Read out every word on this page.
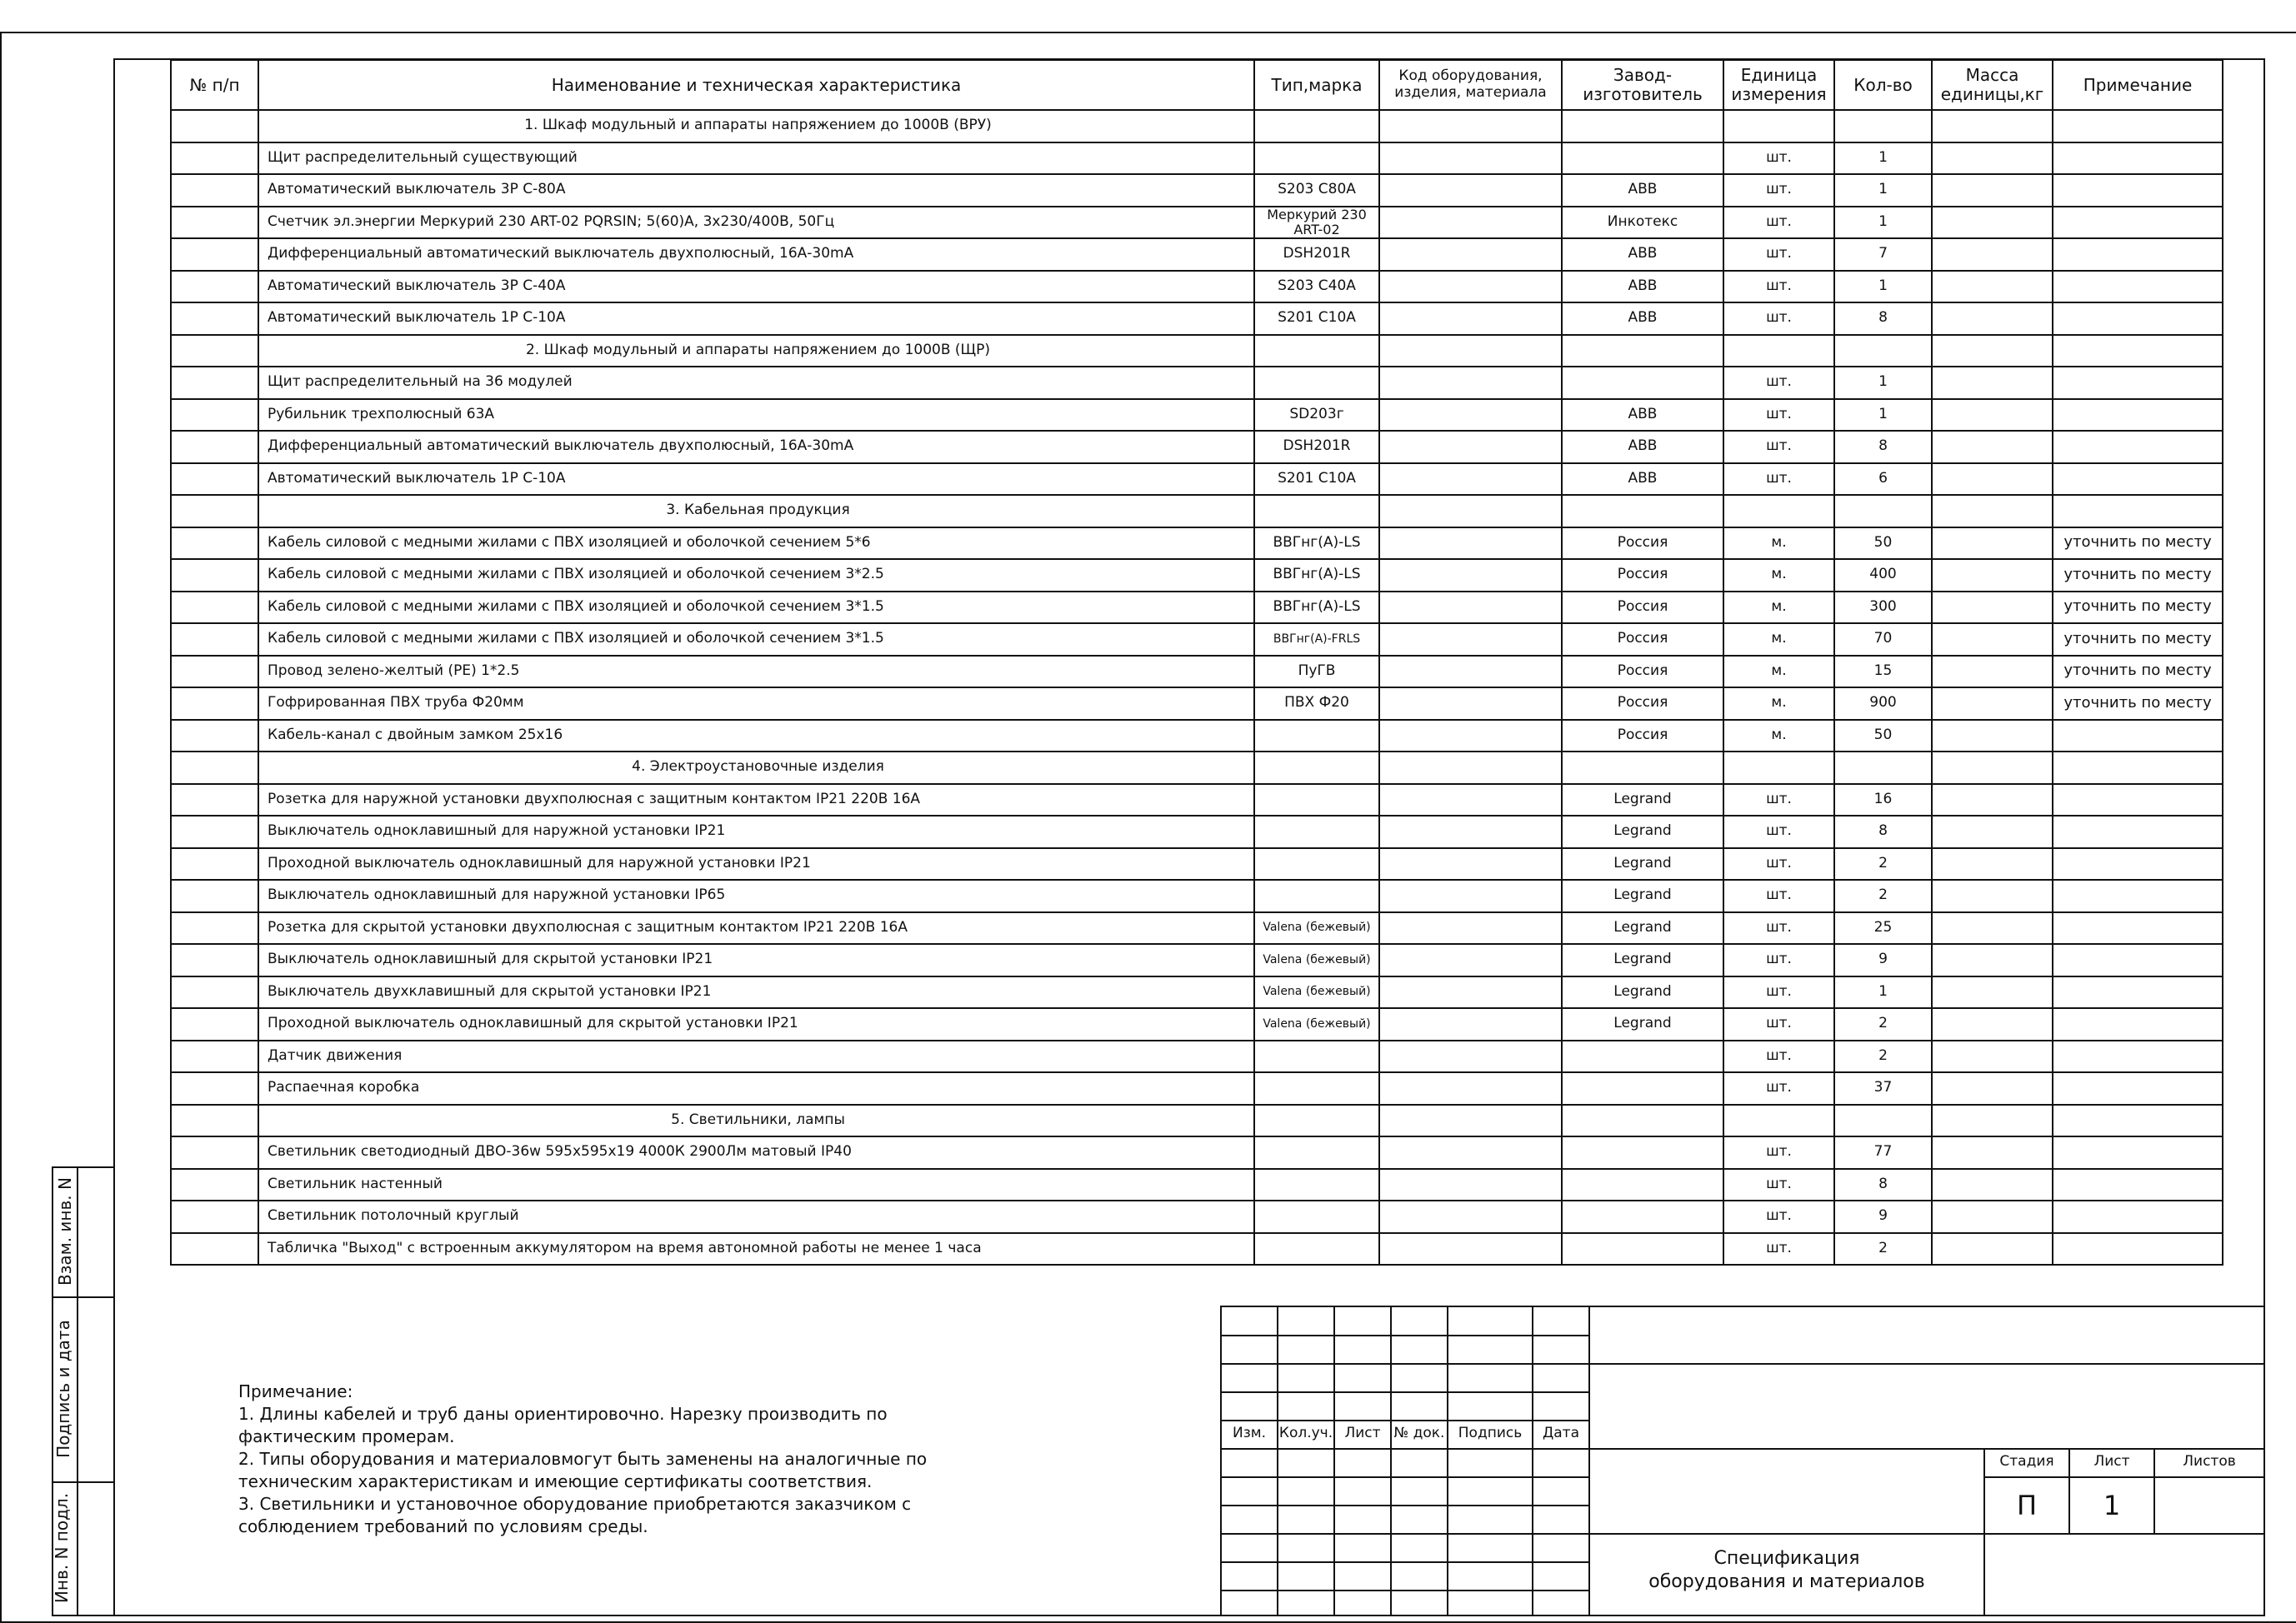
Взам. инв. N
Подпись и дата
Инв. N подл.
№ п/п	Наименование и техническая характеристика	Тип,марка	Код оборудования, изделия, материала	Завод- изготовитель	Единица измерения	Кол-во	Масса единицы,кг	Примечание
	1. Шкаф модульный и аппараты напряжением до 1000В (ВРУ)							
	Щит распределительный существующий				шт.	1		
	Автоматический выключатель 3Р С-80А	S203 C80A		ABB	шт.	1		
	Счетчик эл.энергии Меркурий 230 ART-02 PQRSIN; 5(60)А, 3х230/400В, 50Гц	Меркурий 230 ART-02		Инкотекс	шт.	1		
	Дифференциальный автоматический выключатель двухполюсный, 16А-30mА	DSH201R		ABB	шт.	7		
	Автоматический выключатель 3Р С-40А	S203 C40A		ABB	шт.	1		
	Автоматический выключатель 1Р С-10А	S201 C10A		ABB	шт.	8		
	2. Шкаф модульный и аппараты напряжением до 1000В (ЩР)							
	Щит распределительный на 36 модулей				шт.	1		
	Рубильник трехполюсный 63А	SD203г		ABB	шт.	1		
	Дифференциальный автоматический выключатель двухполюсный, 16А-30mА	DSH201R		ABB	шт.	8		
	Автоматический выключатель 1Р С-10А	S201 C10A		ABB	шт.	6		
	3. Кабельная продукция							
	Кабель силовой с медными жилами с ПВХ изоляцией и оболочкой сечением 5*6	ВВГнг(А)-LS		Россия	м.	50		уточнить по месту
	Кабель силовой с медными жилами с ПВХ изоляцией и оболочкой сечением 3*2.5	ВВГнг(А)-LS		Россия	м.	400		уточнить по месту
	Кабель силовой с медными жилами с ПВХ изоляцией и оболочкой сечением 3*1.5	ВВГнг(А)-LS		Россия	м.	300		уточнить по месту
	Кабель силовой с медными жилами с ПВХ изоляцией и оболочкой сечением 3*1.5	ВВГнг(А)-FRLS		Россия	м.	70		уточнить по месту
	Провод зелено-желтый (PE) 1*2.5	ПуГВ		Россия	м.	15		уточнить по месту
	Гофрированная ПВХ труба Ф20мм	ПВХ Ф20		Россия	м.	900		уточнить по месту
	Кабель-канал с двойным замком 25х16			Россия	м.	50		
	4. Электроустановочные изделия							
	Розетка для наружной установки двухполюсная с защитным контактом IP21 220В 16А			Legrand	шт.	16		
	Выключатель одноклавишный для наружной установки IP21			Legrand	шт.	8		
	Проходной выключатель одноклавишный для наружной установки IP21			Legrand	шт.	2		
	Выключатель одноклавишный для наружной установки IP65			Legrand	шт.	2		
	Розетка для скрытой установки двухполюсная с защитным контактом IP21 220В 16А	Valena (бежевый)		Legrand	шт.	25		
	Выключатель одноклавишный для скрытой установки IP21	Valena (бежевый)		Legrand	шт.	9		
	Выключатель двухклавишный для скрытой установки IP21	Valena (бежевый)		Legrand	шт.	1		
	Проходной выключатель одноклавишный для скрытой установки IP21	Valena (бежевый)		Legrand	шт.	2		
	Датчик движения				шт.	2		
	Распаечная коробка				шт.	37		
	5. Светильники, лампы							
	Светильник светодиодный ДВО-36w 595х595х19 4000К 2900Лм матовый IP40				шт.	77		
	Светильник настенный				шт.	8		
	Светильник потолочный круглый				шт.	9		
	Табличка "Выход" с встроенным аккумулятором на время автономной работы не менее 1 часа				шт.	2		
Примечание:
1. Длины кабелей и труб даны ориентировочно. Нарезку производить по
фактическим промерам.
2. Типы оборудования и материаловмогут быть заменены на аналогичные по
техническим характеристикам и имеющие сертификаты соответствия.
3. Светильники и установочное оборудование приобретаются заказчиком с
соблюдением требований по условиям среды.
Изм. Кол.уч. Лист № док. Подпись	Дата
Стадия	Лист	Листов
П	1
Спецификация
оборудования и материалов
